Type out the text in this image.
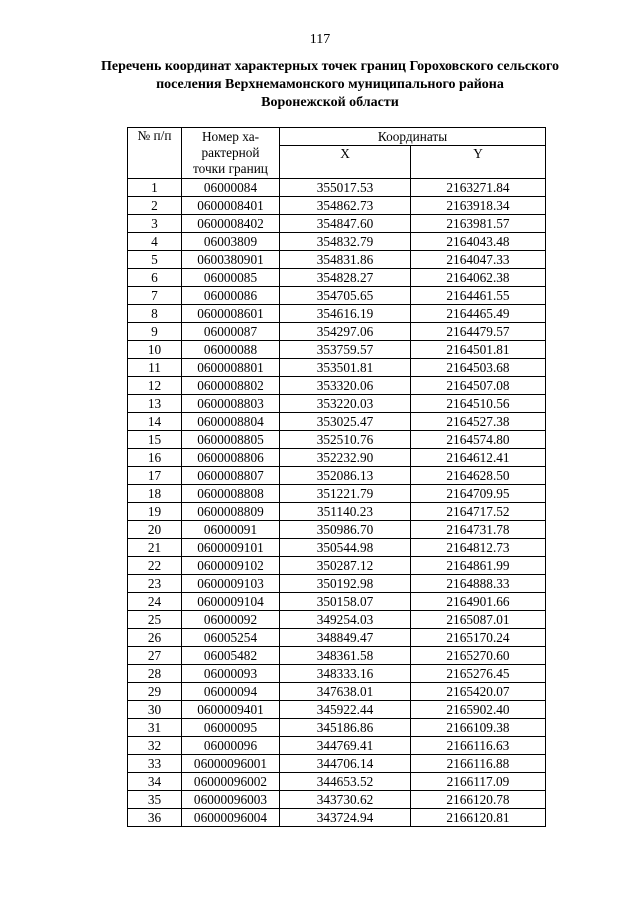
117
Перечень координат характерных точек границ Гороховского сельского
поселения Верхнемамонского муниципального района
Воронежской области
№ п/п	Номер ха-
рактерной
точки границ	Координаты	
		X	Y
1	06000084	355017.53	2163271.84
2	0600008401	354862.73	2163918.34
3	0600008402	354847.60	2163981.57
4	06003809	354832.79	2164043.48
5	0600380901	354831.86	2164047.33
6	06000085	354828.27	2164062.38
7	06000086	354705.65	2164461.55
8	0600008601	354616.19	2164465.49
9	06000087	354297.06	2164479.57
10	06000088	353759.57	2164501.81
11	0600008801	353501.81	2164503.68
12	0600008802	353320.06	2164507.08
13	0600008803	353220.03	2164510.56
14	0600008804	353025.47	2164527.38
15	0600008805	352510.76	2164574.80
16	0600008806	352232.90	2164612.41
17	0600008807	352086.13	2164628.50
18	0600008808	351221.79	2164709.95
19	0600008809	351140.23	2164717.52
20	06000091	350986.70	2164731.78
21	0600009101	350544.98	2164812.73
22	0600009102	350287.12	2164861.99
23	0600009103	350192.98	2164888.33
24	0600009104	350158.07	2164901.66
25	06000092	349254.03	2165087.01
26	06005254	348849.47	2165170.24
27	06005482	348361.58	2165270.60
28	06000093	348333.16	2165276.45
29	06000094	347638.01	2165420.07
30	0600009401	345922.44	2165902.40
31	06000095	345186.86	2166109.38
32	06000096	344769.41	2166116.63
33	06000096001	344706.14	2166116.88
34	06000096002	344653.52	2166117.09
35	06000096003	343730.62	2166120.78
36	06000096004	343724.94	2166120.81
